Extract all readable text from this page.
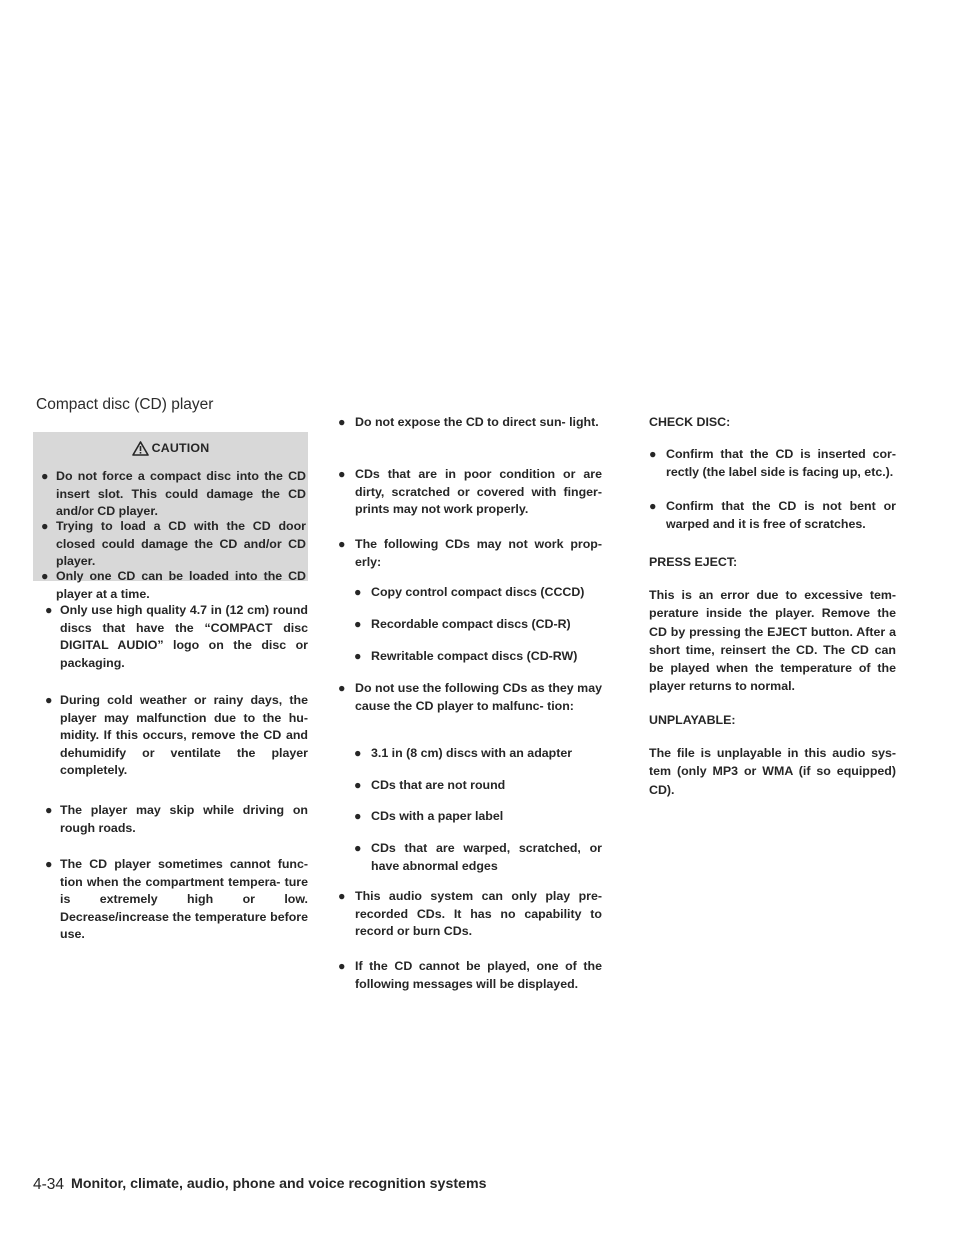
Compact disc (CD) player
CAUTION
● Do not force a compact disc into the CD insert slot. This could damage the CD and/or CD player.
● Trying to load a CD with the CD door closed could damage the CD and/or CD player.
● Only one CD can be loaded into the CD player at a time.
● Only use high quality 4.7 in (12 cm) round discs that have the “COMPACT disc DIGITAL AUDIO” logo on the disc or packaging.
● During cold weather or rainy days, the player may malfunction due to the hu- midity. If this occurs, remove the CD and dehumidify or ventilate the player completely.
● The player may skip while driving on rough roads.
● The CD player sometimes cannot func- tion when the compartment tempera- ture is extremely high or low. Decrease/increase the temperature before use.
● Do not expose the CD to direct sun- light.
● CDs that are in poor condition or are dirty, scratched or covered with finger- prints may not work properly.
● The following CDs may not work prop- erly:
● Copy control compact discs (CCCD)
● Recordable compact discs (CD-R)
● Rewritable compact discs (CD-RW)
● Do not use the following CDs as they may cause the CD player to malfunc- tion:
● 3.1 in (8 cm) discs with an adapter
● CDs that are not round
● CDs with a paper label
● CDs that are warped, scratched, or have abnormal edges
● This audio system can only play pre- recorded CDs. It has no capability to record or burn CDs.
● If the CD cannot be played, one of the following messages will be displayed.
CHECK DISC:
● Confirm that the CD is inserted cor- rectly (the label side is facing up, etc.).
● Confirm that the CD is not bent or warped and it is free of scratches.
PRESS EJECT:
This is an error due to excessive tem- perature inside the player. Remove the CD by pressing the EJECT button. After a short time, reinsert the CD. The CD can be played when the temperature of the player returns to normal.
UNPLAYABLE:
The file is unplayable in this audio sys- tem (only MP3 or WMA (if so equipped) CD).
4-34 Monitor, climate, audio, phone and voice recognition systems
